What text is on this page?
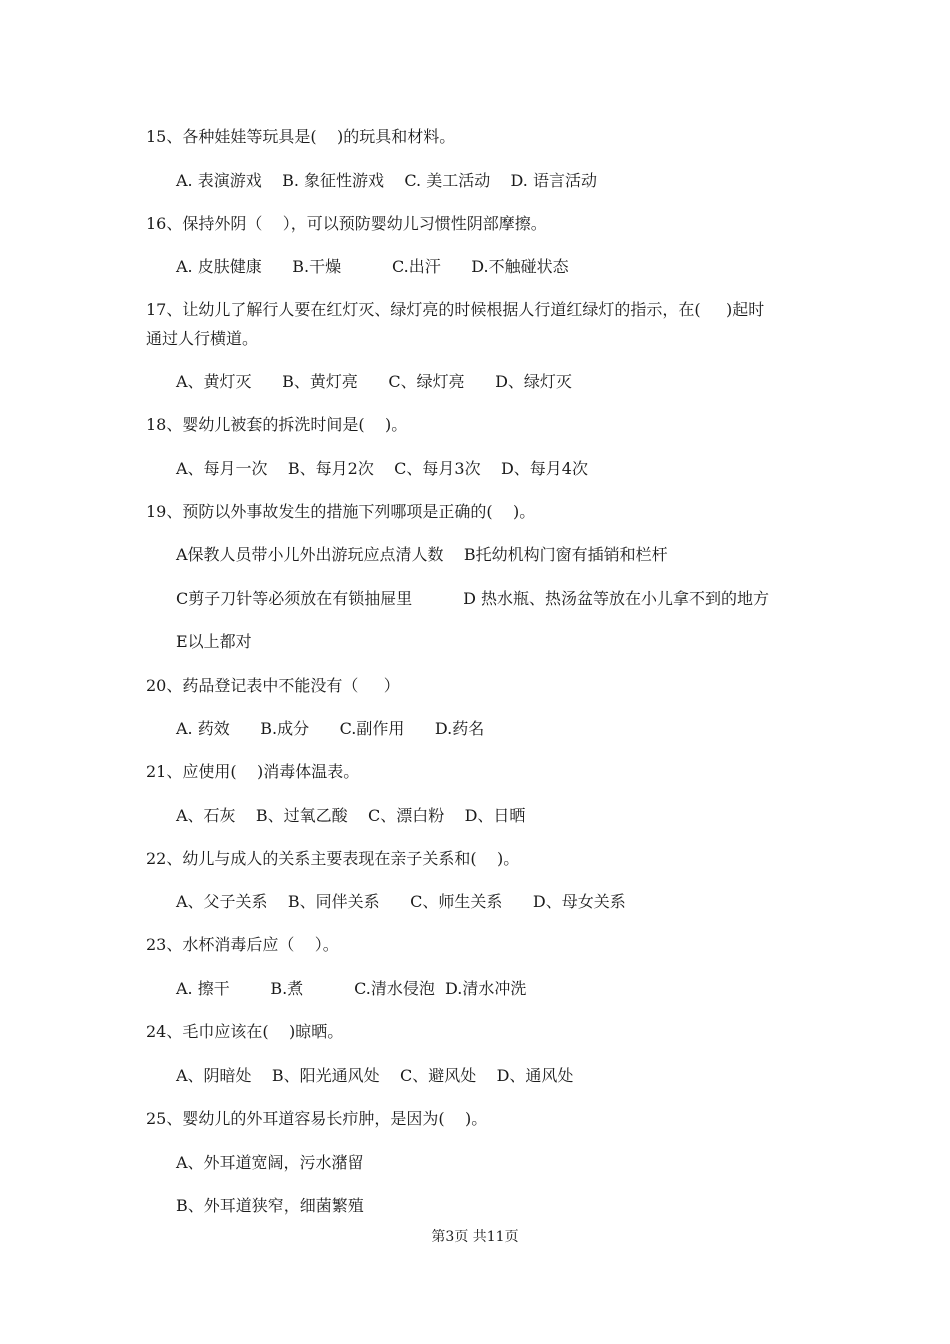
15、各种娃娃等玩具是(    )的玩具和材料。
A. 表演游戏    B. 象征性游戏    C. 美工活动    D. 语言活动
16、保持外阴（    ），可以预防婴幼儿习惯性阴部摩擦。
A. 皮肤健康      B.干燥          C.出汗      D.不触碰状态
17、让幼儿了解行人要在红灯灭、绿灯亮的时候根据人行道红绿灯的指示，在(     )起时
通过人行横道。
A、黄灯灭      B、黄灯亮      C、绿灯亮      D、绿灯灭
18、婴幼儿被套的拆洗时间是(    )。
A、每月一次    B、每月2次    C、每月3次    D、每月4次
19、预防以外事故发生的措施下列哪项是正确的(    )。
A保教人员带小儿外出游玩应点清人数    B托幼机构门窗有插销和栏杆
C剪子刀针等必须放在有锁抽屉里          D 热水瓶、热汤盆等放在小儿拿不到的地方
E以上都对
20、药品登记表中不能没有（     ）
A. 药效      B.成分      C.副作用      D.药名
21、应使用(    )消毒体温表。
A、石灰    B、过氧乙酸    C、漂白粉    D、日晒
22、幼儿与成人的关系主要表现在亲子关系和(    )。
A、父子关系    B、同伴关系      C、师生关系      D、母女关系
23、水杯消毒后应（    ）。
A. 擦干        B.煮          C.清水侵泡  D.清水冲洗
24、毛巾应该在(    )晾晒。
A、阴暗处    B、阳光通风处    C、避风处    D、通风处
25、婴幼儿的外耳道容易长疖肿，是因为(    )。
A、外耳道宽阔，污水潴留
B、外耳道狭窄，细菌繁殖
第3页 共11页
